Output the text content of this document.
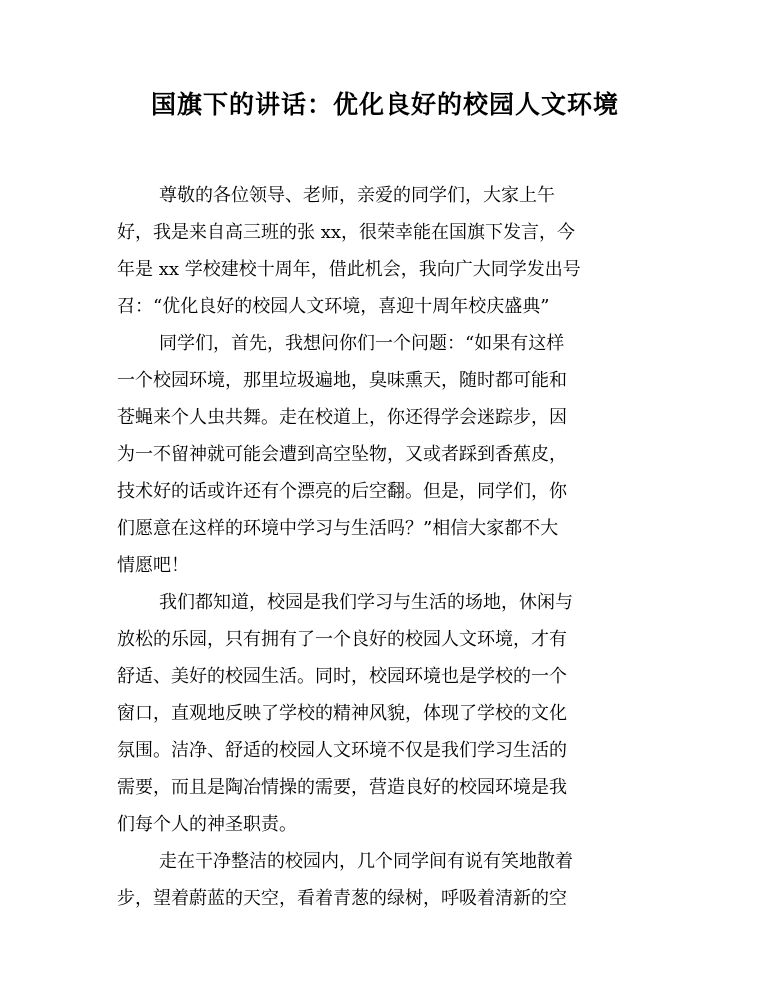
国旗下的讲话：优化良好的校园人文环境
尊敬的各位领导、老师，亲爱的同学们，大家上午
好，我是来自高三班的张 xx，很荣幸能在国旗下发言，今
年是 xx 学校建校十周年，借此机会，我向广大同学发出号
召：“优化良好的校园人文环境，喜迎十周年校庆盛典”
同学们，首先，我想问你们一个问题：“如果有这样
一个校园环境，那里垃圾遍地，臭味熏天，随时都可能和
苍蝇来个人虫共舞。走在校道上，你还得学会迷踪步，因
为一不留神就可能会遭到高空坠物，又或者踩到香蕉皮，
技术好的话或许还有个漂亮的后空翻。但是，同学们，你
们愿意在这样的环境中学习与生活吗？”相信大家都不大
情愿吧！
我们都知道，校园是我们学习与生活的场地，休闲与
放松的乐园，只有拥有了一个良好的校园人文环境，才有
舒适、美好的校园生活。同时，校园环境也是学校的一个
窗口，直观地反映了学校的精神风貌，体现了学校的文化
氛围。洁净、舒适的校园人文环境不仅是我们学习生活的
需要，而且是陶冶情操的需要，营造良好的校园环境是我
们每个人的神圣职责。
走在干净整洁的校园内，几个同学间有说有笑地散着
步，望着蔚蓝的天空，看着青葱的绿树，呼吸着清新的空
